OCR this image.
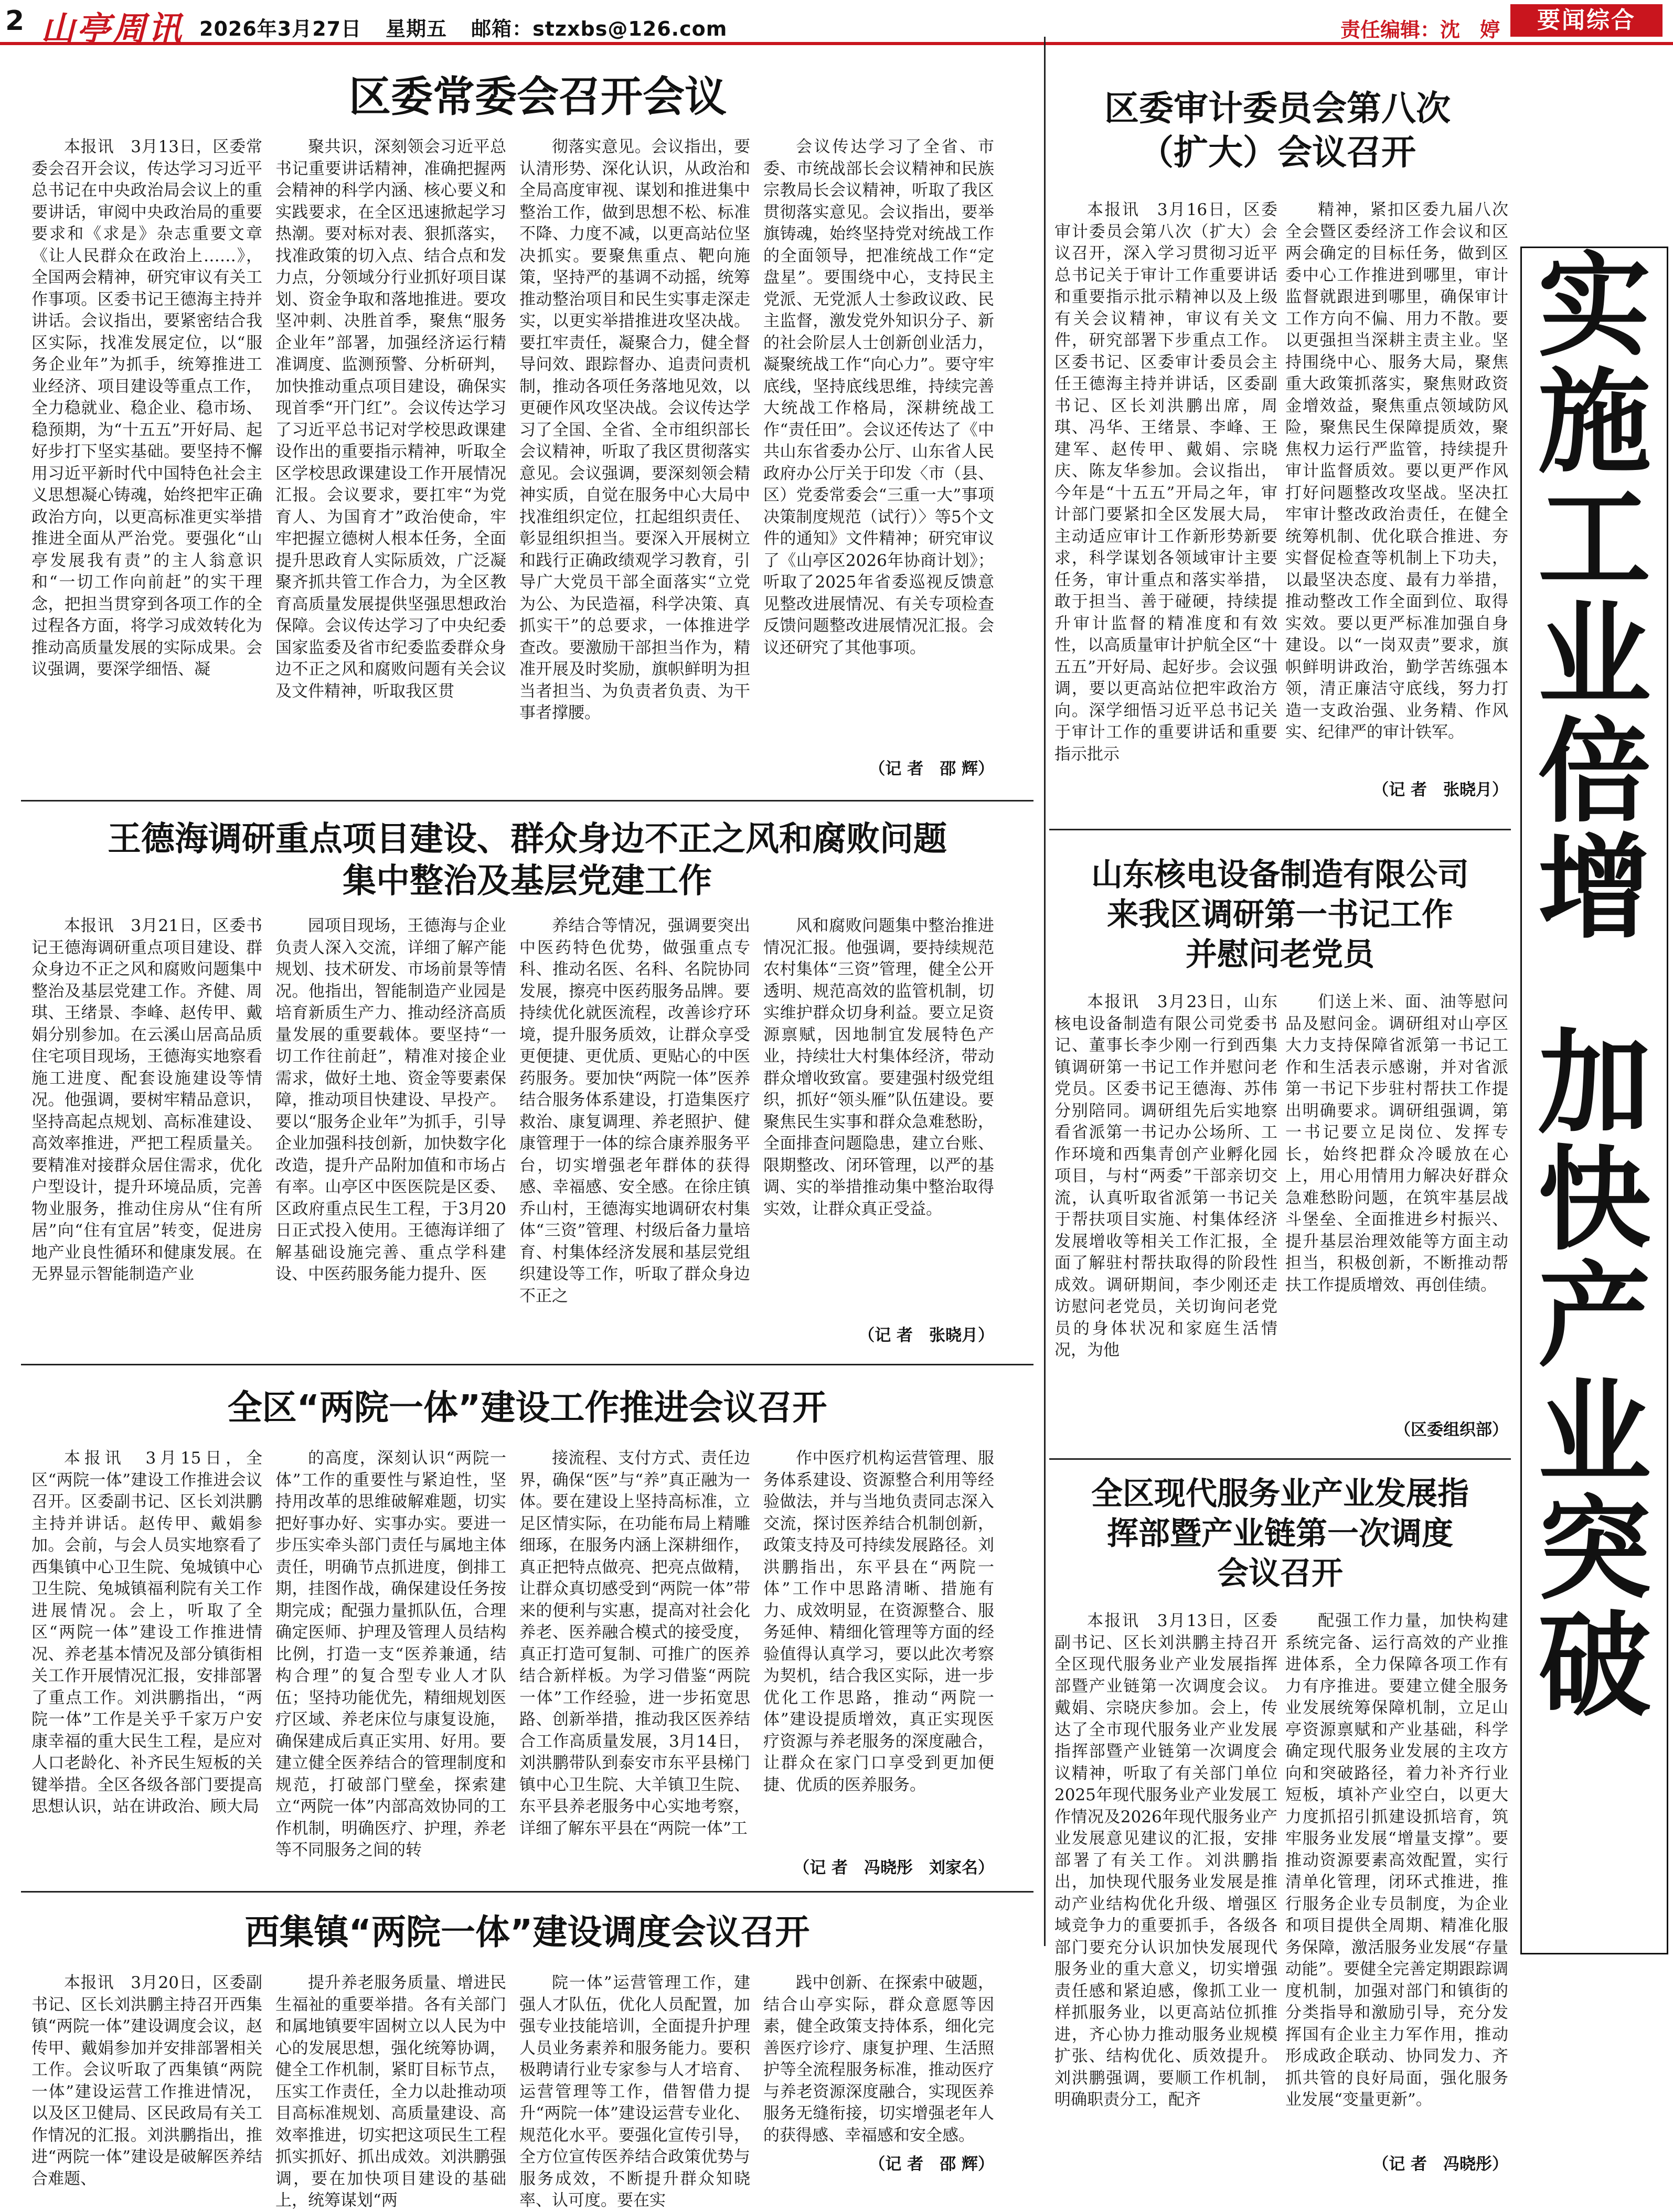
2 山亭周讯 2026年3月27日 星期五 邮箱：stzxbs@126.com	责任编辑：沈　婷	要闻综合
实
施
工
业
倍
增
加
快
产
业
突
破
区委常委会召开会议

本报讯　3月13日，区委常委会召开会议，传达学习习近平总书记在中央政治局会议上的重要讲话，审阅中央政治局的重要要求和《求是》杂志重要文章《让人民群众在政治上……》，全国两会精神，研究审议有关工作事项。区委书记王德海主持并讲话。会议指出，要紧密结合我区实际，找准发展定位，以“服务企业年”为抓手，统筹推进工业经济、项目建设等重点工作，全力稳就业、稳企业、稳市场、稳预期，为“十五五”开好局、起好步打下坚实基础。要坚持不懈用习近平新时代中国特色社会主义思想凝心铸魂，始终把牢正确政治方向，以更高标准更实举措推进全面从严治党。要强化“山亭发展我有责”的主人翁意识和“一切工作向前赶”的实干理念，把担当贯穿到各项工作的全过程各方面，将学习成效转化为推动高质量发展的实际成果。会议强调，要深学细悟、凝

聚共识，深刻领会习近平总书记重要讲话精神，准确把握两会精神的科学内涵、核心要义和实践要求，在全区迅速掀起学习热潮。要对标对表、狠抓落实，找准政策的切入点、结合点和发力点，分领域分行业抓好项目谋划、资金争取和落地推进。要攻坚冲刺、决胜首季，聚焦“服务企业年”部署，加强经济运行精准调度、监测预警、分析研判，加快推动重点项目建设，确保实现首季“开门红”。会议传达学习了习近平总书记对学校思政课建设作出的重要指示精神，听取全区学校思政课建设工作开展情况汇报。会议要求，要扛牢“为党育人、为国育才”政治使命，牢牢把握立德树人根本任务，全面提升思政育人实际质效，广泛凝聚齐抓共管工作合力，为全区教育高质量发展提供坚强思想政治保障。会议传达学习了中央纪委国家监委及省市纪委监委群众身边不正之风和腐败问题有关会议及文件精神，听取我区贯

彻落实意见。会议指出，要认清形势、深化认识，从政治和全局高度审视、谋划和推进集中整治工作，做到思想不松、标准不降、力度不减，以更高站位坚决抓实。要聚焦重点、靶向施策，坚持严的基调不动摇，统筹推动整治项目和民生实事走深走实，以更实举措推进攻坚决战。要扛牢责任，凝聚合力，健全督导问效、跟踪督办、追责问责机制，推动各项任务落地见效，以更硬作风攻坚决战。会议传达学习了全国、全省、全市组织部长会议精神，听取了我区贯彻落实意见。会议强调，要深刻领会精神实质，自觉在服务中心大局中找准组织定位，扛起组织责任、彰显组织担当。要深入开展树立和践行正确政绩观学习教育，引导广大党员干部全面落实“立党为公、为民造福，科学决策、真抓实干”的总要求，一体推进学查改。要激励干部担当作为，精准开展及时奖励，旗帜鲜明为担当者担当、为负责者负责、为干事者撑腰。

会议传达学习了全省、市委、市统战部长会议精神和民族宗教局长会议精神，听取了我区贯彻落实意见。会议指出，要举旗铸魂，始终坚持党对统战工作的全面领导，把准统战工作“定盘星”。要围绕中心，支持民主党派、无党派人士参政议政、民主监督，激发党外知识分子、新的社会阶层人士创新创业活力，凝聚统战工作“向心力”。要守牢底线，坚持底线思维，持续完善大统战工作格局，深耕统战工作“责任田”。会议还传达了《中共山东省委办公厅、山东省人民政府办公厅关于印发〈市（县、区）党委常委会“三重一大”事项决策制度规范（试行）〉等5个文件的通知》文件精神；研究审议了《山亭区2026年协商计划》；听取了2025年省委巡视反馈意见整改进展情况、有关专项检查反馈问题整改进展情况汇报。会议还研究了其他事项。

（记 者　邵 辉）
区委审计委员会第八次
（扩大）会议召开

本报讯　3月16日，区委审计委员会第八次（扩大）会议召开，深入学习贯彻习近平总书记关于审计工作重要讲话和重要指示批示精神以及上级有关会议精神，审议有关文件，研究部署下步重点工作。区委书记、区委审计委员会主任王德海主持并讲话，区委副书记、区长刘洪鹏出席，周琪、冯华、王绪景、李峰、王建军、赵传甲、戴娟、宗晓庆、陈友华参加。会议指出，今年是“十五五”开局之年，审计部门要紧扣全区发展大局，主动适应审计工作新形势新要求，科学谋划各领域审计主要任务，审计重点和落实举措，敢于担当、善于碰硬，持续提升审计监督的精准度和有效性，以高质量审计护航全区“十五五”开好局、起好步。会议强调，要以更高站位把牢政治方向。深学细悟习近平总书记关于审计工作的重要讲话和重要指示批示

精神，紧扣区委九届八次全会暨区委经济工作会议和区两会确定的目标任务，做到区委中心工作推进到哪里，审计监督就跟进到哪里，确保审计工作方向不偏、用力不散。要以更强担当深耕主责主业。坚持围绕中心、服务大局，聚焦重大政策抓落实，聚焦财政资金增效益，聚焦重点领域防风险，聚焦民生保障提质效，聚焦权力运行严监管，持续提升审计监督质效。要以更严作风打好问题整改攻坚战。坚决扛牢审计整改政治责任，在健全统筹机制、优化联合推进、夯实督促检查等机制上下功夫，以最坚决态度、最有力举措，推动整改工作全面到位、取得实效。要以更严标准加强自身建设。以“一岗双责”要求，旗帜鲜明讲政治，勤学苦练强本领，清正廉洁守底线，努力打造一支政治强、业务精、作风实、纪律严的审计铁军。

（记 者　张晓月）
王德海调研重点项目建设、群众身边不正之风和腐败问题
集中整治及基层党建工作

本报讯　3月21日，区委书记王德海调研重点项目建设、群众身边不正之风和腐败问题集中整治及基层党建工作。齐健、周琪、王绪景、李峰、赵传甲、戴娟分别参加。在云溪山居高品质住宅项目现场，王德海实地察看施工进度、配套设施建设等情况。他强调，要树牢精品意识，坚持高起点规划、高标准建设、高效率推进，严把工程质量关。要精准对接群众居住需求，优化户型设计，提升环境品质，完善物业服务，推动住房从“住有所居”向“住有宜居”转变，促进房地产业良性循环和健康发展。在无界显示智能制造产业

园项目现场，王德海与企业负责人深入交流，详细了解产能规划、技术研发、市场前景等情况。他指出，智能制造产业园是培育新质生产力、推动经济高质量发展的重要载体。要坚持“一切工作往前赶”，精准对接企业需求，做好土地、资金等要素保障，推动项目快建设、早投产。要以“服务企业年”为抓手，引导企业加强科技创新，加快数字化改造，提升产品附加值和市场占有率。山亭区中医医院是区委、区政府重点民生工程，于3月20日正式投入使用。王德海详细了解基础设施完善、重点学科建设、中医药服务能力提升、医

养结合等情况，强调要突出中医药特色优势，做强重点专科、推动名医、名科、名院协同发展，擦亮中医药服务品牌。要持续优化就医流程，改善诊疗环境，提升服务质效，让群众享受更便捷、更优质、更贴心的中医药服务。要加快“两院一体”医养结合服务体系建设，打造集医疗救治、康复调理、养老照护、健康管理于一体的综合康养服务平台，切实增强老年群体的获得感、幸福感、安全感。在徐庄镇乔山村，王德海实地调研农村集体“三资”管理、村级后备力量培育、村集体经济发展和基层党组织建设等工作，听取了群众身边不正之

风和腐败问题集中整治推进情况汇报。他强调，要持续规范农村集体“三资”管理，健全公开透明、规范高效的监管机制，切实维护群众切身利益。要立足资源禀赋，因地制宜发展特色产业，持续壮大村集体经济，带动群众增收致富。要建强村级党组织，抓好“领头雁”队伍建设。要聚焦民生实事和群众急难愁盼，全面排查问题隐患，建立台账、限期整改、闭环管理，以严的基调、实的举措推动集中整治取得实效，让群众真正受益。

（记 者　张晓月）
山东核电设备制造有限公司
来我区调研第一书记工作
并慰问老党员

本报讯　3月23日，山东核电设备制造有限公司党委书记、董事长李少刚一行到西集镇调研第一书记工作并慰问老党员。区委书记王德海、苏伟分别陪同。调研组先后实地察看省派第一书记办公场所、工作环境和西集青创产业孵化园项目，与村“两委”干部亲切交流，认真听取省派第一书记关于帮扶项目实施、村集体经济发展增收等相关工作汇报，全面了解驻村帮扶取得的阶段性成效。调研期间，李少刚还走访慰问老党员，关切询问老党员的身体状况和家庭生活情况，为他

们送上米、面、油等慰问品及慰问金。调研组对山亭区大力支持保障省派第一书记工作和生活表示感谢，并对省派第一书记下步驻村帮扶工作提出明确要求。调研组强调，第一书记要立足岗位、发挥专长，始终把群众冷暖放在心上，用心用情用力解决好群众急难愁盼问题，在筑牢基层战斗堡垒、全面推进乡村振兴、提升基层治理效能等方面主动担当，积极创新，不断推动帮扶工作提质增效、再创佳绩。

（区委组织部）
全区“两院一体”建设工作推进会议召开

本报讯　3月15日，全区“两院一体”建设工作推进会议召开。区委副书记、区长刘洪鹏主持并讲话。赵传甲、戴娟参加。会前，与会人员实地察看了西集镇中心卫生院、兔城镇中心卫生院、兔城镇福利院有关工作进展情况。会上，听取了全区“两院一体”建设工作推进情况、养老基本情况及部分镇街相关工作开展情况汇报，安排部署了重点工作。刘洪鹏指出，“两院一体”工作是关乎千家万户安康幸福的重大民生工程，是应对人口老龄化、补齐民生短板的关键举措。全区各级各部门要提高思想认识，站在讲政治、顾大局

的高度，深刻认识“两院一体”工作的重要性与紧迫性，坚持用改革的思维破解难题，切实把好事办好、实事办实。要进一步压实牵头部门责任与属地主体责任，明确节点抓进度，倒排工期，挂图作战，确保建设任务按期完成；配强力量抓队伍，合理确定医师、护理及管理人员结构比例，打造一支“医养兼通，结构合理”的复合型专业人才队伍；坚持功能优先，精细规划医疗区域、养老床位与康复设施，确保建成后真正实用、好用。要建立健全医养结合的管理制度和规范，打破部门壁垒，探索建立“两院一体”内部高效协同的工作机制，明确医疗、护理，养老等不同服务之间的转

接流程、支付方式、责任边界，确保“医”与“养”真正融为一体。要在建设上坚持高标准，立足区情实际，在功能布局上精雕细琢，在服务内涵上深耕细作，真正把特点做亮、把亮点做精，让群众真切感受到“两院一体”带来的便利与实惠，提高对社会化养老、医养融合模式的接受度，真正打造可复制、可推广的医养结合新样板。为学习借鉴“两院一体”工作经验，进一步拓宽思路、创新举措，推动我区医养结合工作高质量发展，3月14日，刘洪鹏带队到泰安市东平县梯门镇中心卫生院、大羊镇卫生院、东平县养老服务中心实地考察，详细了解东平县在“两院一体”工

作中医疗机构运营管理、服务体系建设、资源整合利用等经验做法，并与当地负责同志深入交流，探讨医养结合机制创新，政策支持及可持续发展路径。刘洪鹏指出，东平县在“两院一体”工作中思路清晰、措施有力、成效明显，在资源整合、服务延伸、精细化管理等方面的经验值得认真学习，要以此次考察为契机，结合我区实际，进一步优化工作思路，推动“两院一体”建设提质增效，真正实现医疗资源与养老服务的深度融合，让群众在家门口享受到更加便捷、优质的医养服务。

（记 者　冯晓彤　刘家名）
西集镇“两院一体”建设调度会议召开

本报讯　3月20日，区委副书记、区长刘洪鹏主持召开西集镇“两院一体”建设调度会议，赵传甲、戴娟参加并安排部署相关工作。会议听取了西集镇“两院一体”建设运营工作推进情况，以及区卫健局、区民政局有关工作情况的汇报。刘洪鹏指出，推进“两院一体”建设是破解医养结合难题、

提升养老服务质量、增进民生福祉的重要举措。各有关部门和属地镇要牢固树立以人民为中心的发展思想，强化统筹协调，健全工作机制，紧盯目标节点，压实工作责任，全力以赴推动项目高标准规划、高质量建设、高效率推进，切实把这项民生工程抓实抓好、抓出成效。刘洪鹏强调，要在加快项目建设的基础上，统筹谋划“两

院一体”运营管理工作，建强人才队伍，优化人员配置，加强专业技能培训，全面提升护理人员业务素养和服务能力。要积极聘请行业专家参与人才培育、运营管理等工作，借智借力提升“两院一体”建设运营专业化、规范化水平。要强化宣传引导，全方位宣传医养结合政策优势与服务成效，不断提升群众知晓率、认可度。要在实

践中创新、在探索中破题，结合山亭实际，群众意愿等因素，健全政策支持体系，细化完善医疗诊疗、康复护理、生活照护等全流程服务标准，推动医疗与养老资源深度融合，实现医养服务无缝衔接，切实增强老年人的获得感、幸福感和安全感。

（记 者　邵 辉）
全区现代服务业产业发展指
挥部暨产业链第一次调度
会议召开

本报讯　3月13日，区委副书记、区长刘洪鹏主持召开全区现代服务业产业发展指挥部暨产业链第一次调度会议。戴娟、宗晓庆参加。会上，传达了全市现代服务业产业发展指挥部暨产业链第一次调度会议精神，听取了有关部门单位2025年现代服务业产业发展工作情况及2026年现代服务业产业发展意见建议的汇报，安排部署了有关工作。刘洪鹏指出，加快现代服务业发展是推动产业结构优化升级、增强区域竞争力的重要抓手，各级各部门要充分认识加快发展现代服务业的重大意义，切实增强责任感和紧迫感，像抓工业一样抓服务业，以更高站位抓推进，齐心协力推动服务业规模扩张、结构优化、质效提升。刘洪鹏强调，要顺工作机制，明确职责分工，配齐

配强工作力量，加快构建系统完备、运行高效的产业推进体系，全力保障各项工作有力有序推进。要建立健全服务业发展统筹保障机制，立足山亭资源禀赋和产业基础，科学确定现代服务业发展的主攻方向和突破路径，着力补齐行业短板，填补产业空白，以更大力度抓招引抓建设抓培育，筑牢服务业发展“增量支撑”。要推动资源要素高效配置，实行清单化管理，闭环式推进，推行服务企业专员制度，为企业和项目提供全周期、精准化服务保障，激活服务业发展“存量动能”。要健全完善定期跟踪调度机制，加强对部门和镇街的分类指导和激励引导，充分发挥国有企业主力军作用，推动形成政企联动、协同发力、齐抓共管的良好局面，强化服务业发展“变量更新”。

（记 者　冯晓彤）
